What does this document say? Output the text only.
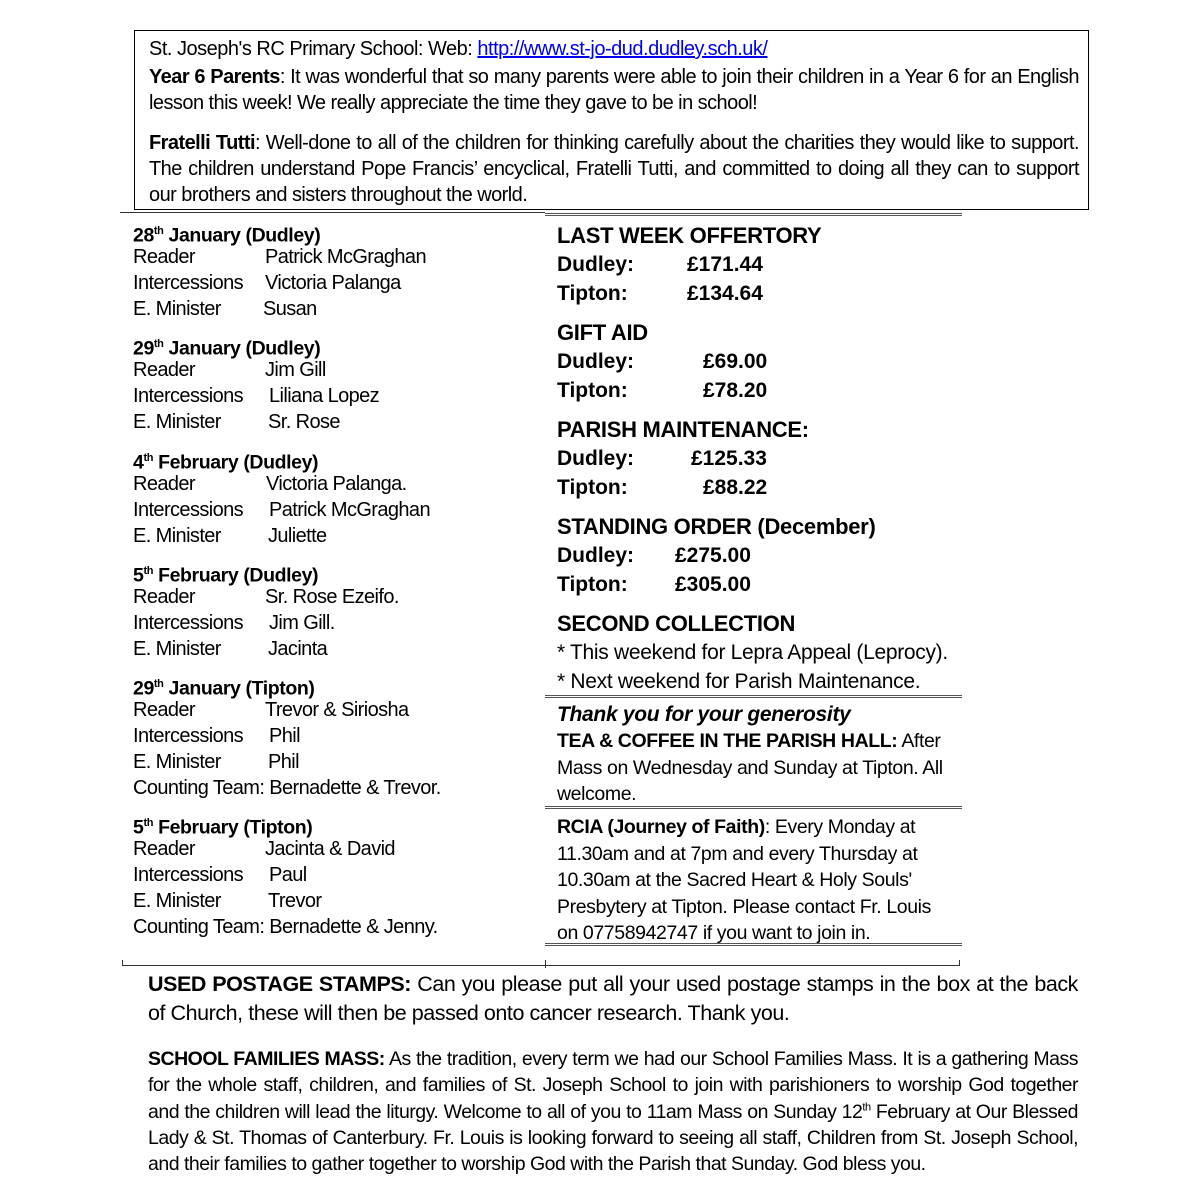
St. Joseph's RC Primary School: Web: http://www.st-jo-dud.dudley.sch.uk/
Year 6 Parents: It was wonderful that so many parents were able to join their children in a Year 6 for an English lesson this week! We really appreciate the time they gave to be in school!
Fratelli Tutti: Well-done to all of the children for thinking carefully about the charities they would like to support. The children understand Pope Francis’ encyclical, Fratelli Tutti, and committed to doing all they can to support our brothers and sisters throughout the world.
28th January (Dudley)
Reader	Patrick McGraghan
Intercessions Victoria Palanga
E. Minister Susan
29th January (Dudley)
Reader	Jim Gill
Intercessions Liliana Lopez
E. Minister Sr. Rose
4th February (Dudley)
Reader	Victoria Palanga.
Intercessions Patrick McGraghan
E. Minister Juliette
5th February (Dudley)
Reader	Sr. Rose Ezeifo.
Intercessions Jim Gill.
E. Minister Jacinta
29th January (Tipton)
Reader	Trevor & Siriosha
Intercessions Phil
E. Minister Phil
Counting Team: Bernadette & Trevor.
5th February (Tipton)
Reader	Jacinta & David
Intercessions Paul
E. Minister Trevor
Counting Team: Bernadette & Jenny.
LAST WEEK OFFERTORY
Dudley:	£171.44
Tipton:	£134.64
GIFT AID
Dudley:	£69.00
Tipton:	£78.20
PARISH MAINTENANCE:
Dudley:	£125.33
Tipton:	£88.22
STANDING ORDER (December)
Dudley: £275.00
Tipton: £305.00
SECOND COLLECTION
* This weekend for Lepra Appeal (Leprocy).
* Next weekend for Parish Maintenance.
Thank you for your generosity
TEA & COFFEE IN THE PARISH HALL: After Mass on Wednesday and Sunday at Tipton. All welcome.
RCIA (Journey of Faith): Every Monday at 11.30am and at 7pm and every Thursday at 10.30am at the Sacred Heart & Holy Souls' Presbytery at Tipton. Please contact Fr. Louis on 07758942747 if you want to join in.
USED POSTAGE STAMPS: Can you please put all your used postage stamps in the box at the back of Church, these will then be passed onto cancer research. Thank you.
SCHOOL FAMILIES MASS: As the tradition, every term we had our School Families Mass. It is a gathering Mass for the whole staff, children, and families of St. Joseph School to join with parishioners to worship God together and the children will lead the liturgy. Welcome to all of you to 11am Mass on Sunday 12th February at Our Blessed Lady & St. Thomas of Canterbury. Fr. Louis is looking forward to seeing all staff, Children from St. Joseph School, and their families to gather together to worship God with the Parish that Sunday. God bless you.
